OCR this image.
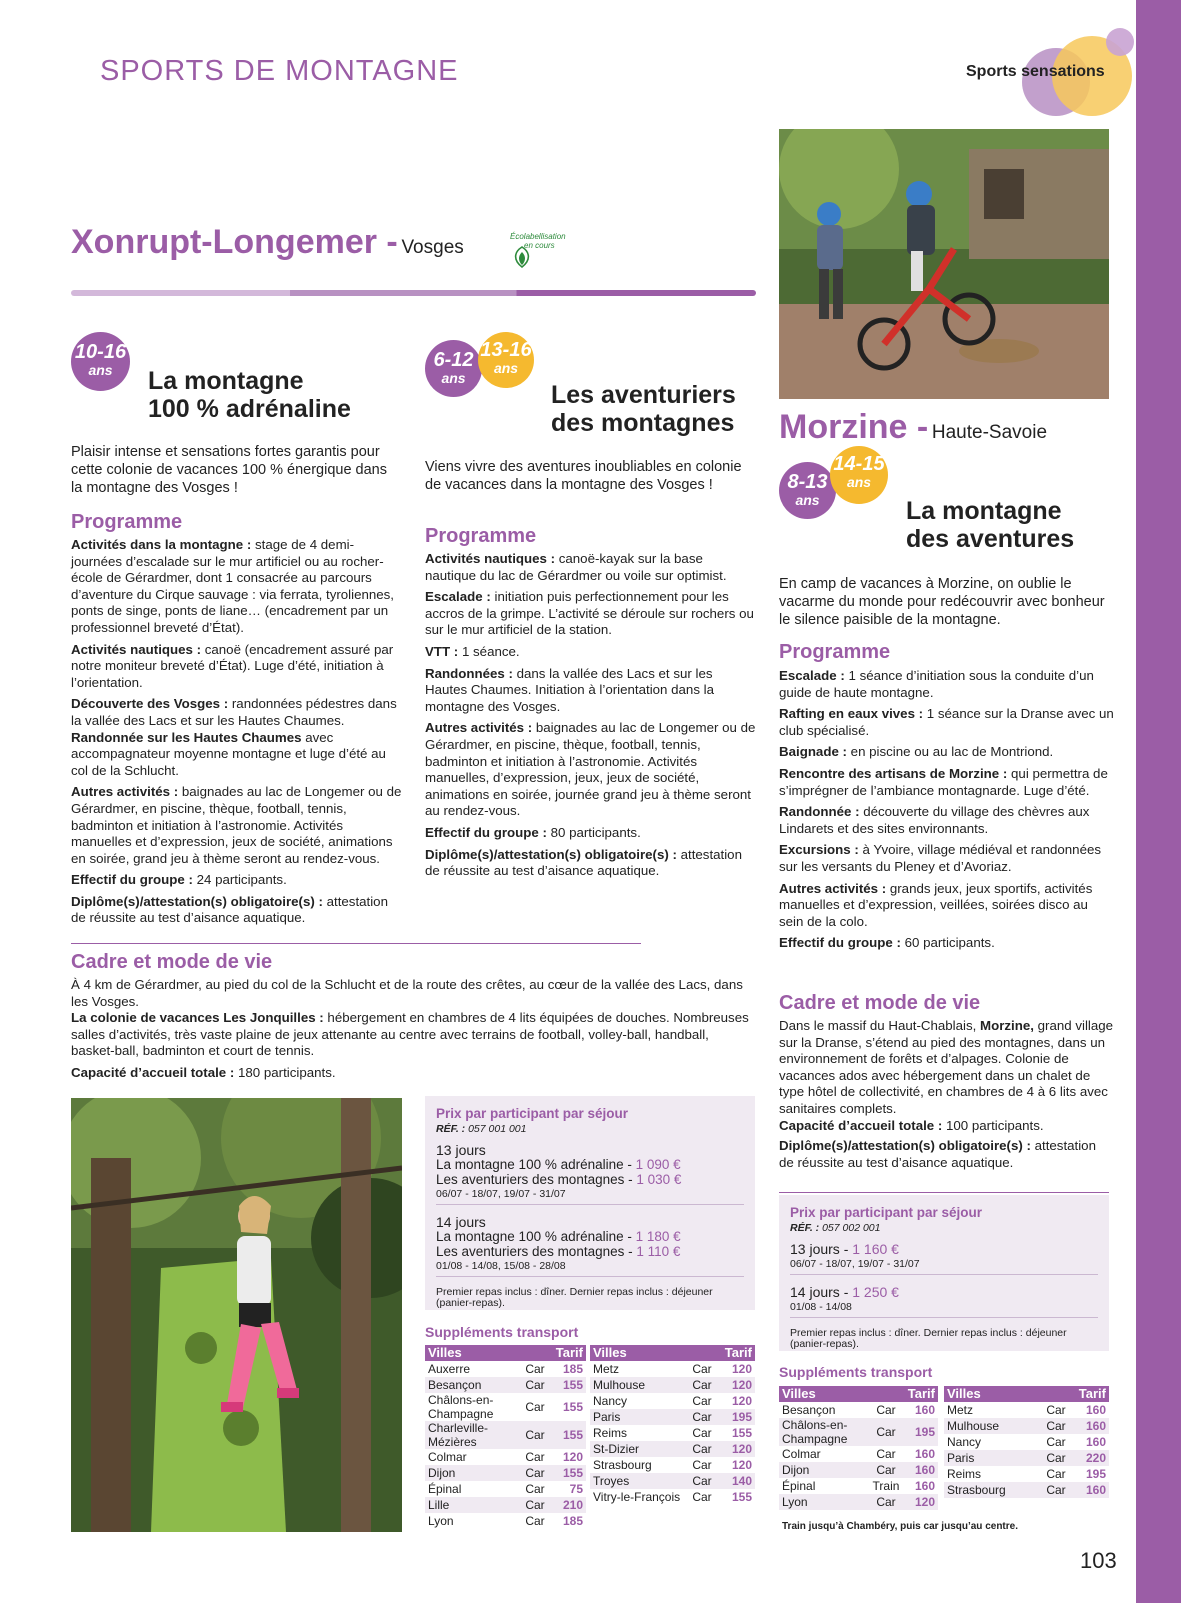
SPORTS DE MONTAGNE	Sports sensations
Xonrupt-Longemer - Vosges
Écolabellisation
en cours
10-16
ans	La montagne
100 % adrénaline
Plaisir intense et sensations fortes garantis pour cette colonie de vacances 100 % énergique dans la montagne des Vosges !
Programme

Activités dans la montagne : stage de 4 demi-journées d’escalade sur le mur artificiel ou au rocher-école de Gérardmer, dont 1 consacrée au parcours d’aventure du Cirque sauvage : via ferrata, tyroliennes, ponts de singe, ponts de liane… (encadrement par un professionnel breveté d’État).

Activités nautiques : canoë (encadrement assuré par notre moniteur breveté d’État). Luge d’été, initiation à l’orientation.

Découverte des Vosges : randonnées pédestres dans la vallée des Lacs et sur les Hautes Chaumes.
Randonnée sur les Hautes Chaumes avec accompagnateur moyenne montagne et luge d’été au col de la Schlucht.

Autres activités : baignades au lac de Longemer ou de Gérardmer, en piscine, thèque, football, tennis, badminton et initiation à l’astronomie. Activités manuelles et d’expression, jeux de société, animations en soirée, grand jeu à thème seront au rendez-vous.

Effectif du groupe : 24 participants.

Diplôme(s)/attestation(s) obligatoire(s) : attestation de réussite au test d’aisance aquatique.

6-12
ans
13-16
ans
Les aventuriers
des montagnes
Viens vivre des aventures inoubliables en colonie de vacances dans la montagne des Vosges !
Programme

Activités nautiques : canoë-kayak sur la base nautique du lac de Gérardmer ou voile sur optimist.

Escalade : initiation puis perfectionnement pour les accros de la grimpe. L’activité se déroule sur rochers ou sur le mur artificiel de la station.

VTT : 1 séance.

Randonnées : dans la vallée des Lacs et sur les Hautes Chaumes. Initiation à l’orientation dans la montagne des Vosges.

Autres activités : baignades au lac de Longemer ou de Gérardmer, en piscine, thèque, football, tennis, badminton et initiation à l’astronomie. Activités manuelles, d’expression, jeux, jeux de société, animations en soirée, journée grand jeu à thème seront au rendez-vous.

Effectif du groupe : 80 participants.

Diplôme(s)/attestation(s) obligatoire(s) : attestation de réussite au test d’aisance aquatique.

Cadre et mode de vie

À 4 km de Gérardmer, au pied du col de la Schlucht et de la route des crêtes, au cœur de la vallée des Lacs, dans les Vosges.

La colonie de vacances Les Jonquilles : hébergement en chambres de 4 lits équipées de douches. Nombreuses salles d’activités, très vaste plaine de jeux attenante au centre avec terrains de football, volley-ball, handball, basket-ball, badminton et court de tennis.

Capacité d’accueil totale : 180 participants.

Prix par participant par séjour
RÉF. : 057 001 001
13 jours
La montagne 100 % adrénaline - 1 090 €
Les aventuriers des montagnes - 1 030 €
06/07 - 18/07, 19/07 - 31/07
14 jours
La montagne 100 % adrénaline - 1 180 €
Les aventuriers des montagnes - 1 110 €
01/08 - 14/08, 15/08 - 28/08
Premier repas inclus : dîner. Dernier repas inclus : déjeuner (panier-repas).
Suppléments transport
Villes		Tarif
Auxerre	Car	185
Besançon	Car	155
Châlons-en-Champagne	Car	155
Charleville-Mézières	Car	155
Colmar	Car	120
Dijon	Car	155
Épinal	Car	75
Lille	Car	210
Lyon	Car	185
Villes		Tarif
Metz	Car	120
Mulhouse	Car	120
Nancy	Car	120
Paris	Car	195
Reims	Car	155
St-Dizier	Car	120
Strasbourg	Car	120
Troyes	Car	140
Vitry-le-François	Car	155
Morzine - Haute-Savoie
8-13
ans
14-15
ans
La montagne
des aventures
En camp de vacances à Morzine, on oublie le vacarme du monde pour redécouvrir avec bonheur le silence paisible de la montagne.
Programme

Escalade : 1 séance d’initiation sous la conduite d’un guide de haute montagne.

Rafting en eaux vives : 1 séance sur la Dranse avec un club spécialisé.

Baignade : en piscine ou au lac de Montriond.

Rencontre des artisans de Morzine : qui permettra de s’imprégner de l’ambiance montagnarde. Luge d’été.

Randonnée : découverte du village des chèvres aux Lindarets et des sites environnants.

Excursions : à Yvoire, village médiéval et randonnées sur les versants du Pleney et d’Avoriaz.

Autres activités : grands jeux, jeux sportifs, activités manuelles et d’expression, veillées, soirées disco au sein de la colo.

Effectif du groupe : 60 participants.

Cadre et mode de vie

Dans le massif du Haut-Chablais, Morzine, grand village sur la Dranse, s’étend au pied des montagnes, dans un environnement de forêts et d’alpages. Colonie de vacances ados avec hébergement dans un chalet de type hôtel de collectivité, en chambres de 4 à 6 lits avec sanitaires complets.

Capacité d’accueil totale : 100 participants.

Diplôme(s)/attestation(s) obligatoire(s) : attestation de réussite au test d’aisance aquatique.

Prix par participant par séjour
RÉF. : 057 002 001
13 jours - 1 160 €
06/07 - 18/07, 19/07 - 31/07
14 jours - 1 250 €
01/08 - 14/08
Premier repas inclus : dîner. Dernier repas inclus : déjeuner (panier-repas).
Suppléments transport
Villes		Tarif
Besançon	Car	160
Châlons-en-Champagne	Car	195
Colmar	Car	160
Dijon	Car	160
Épinal	Train	160
Lyon	Car	120
Villes		Tarif
Metz	Car	160
Mulhouse	Car	160
Nancy	Car	160
Paris	Car	220
Reims	Car	195
Strasbourg	Car	160
Train jusqu’à Chambéry, puis car jusqu’au centre.
103
